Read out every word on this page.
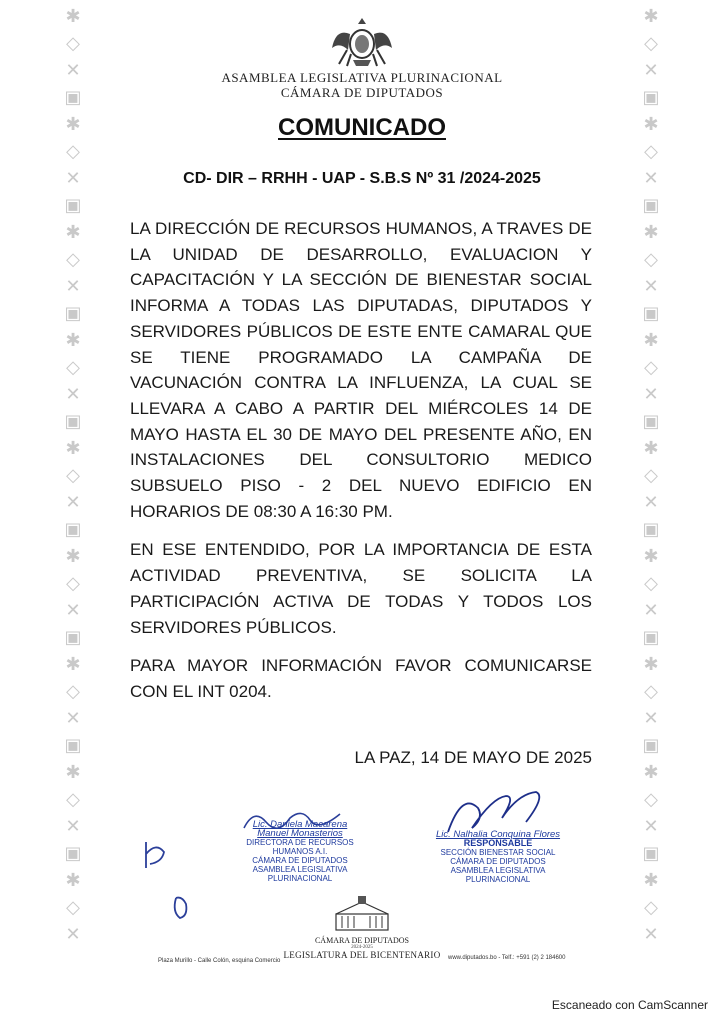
✱
◇
✕
▣
✱
◇
✕
▣
✱
◇
✕
▣
✱
◇
✕
▣
✱
◇
✕
▣
✱
◇
✕
▣
✱
◇
✕
▣
✱
◇
✕
▣
✱
◇
✕
✱
◇
✕
▣
✱
◇
✕
▣
✱
◇
✕
▣
✱
◇
✕
▣
✱
◇
✕
▣
✱
◇
✕
▣
✱
◇
✕
▣
✱
◇
✕
▣
✱
◇
✕
ASAMBLEA LEGISLATIVA PLURINACIONAL
CÁMARA DE DIPUTADOS
COMUNICADO
CD- DIR – RRHH - UAP - S.B.S Nº 31 /2024-2025

LA DIRECCIÓN DE RECURSOS HUMANOS, A TRAVES DE LA UNIDAD DE DESARROLLO, EVALUACION Y CAPACITACIÓN Y LA SECCIÓN DE BIENESTAR SOCIAL INFORMA A TODAS LAS DIPUTADAS, DIPUTADOS Y SERVIDORES PÚBLICOS DE ESTE ENTE CAMARAL QUE SE TIENE PROGRAMADO LA CAMPAÑA DE VACUNACIÓN CONTRA LA INFLUENZA, LA CUAL SE LLEVARA A CABO A PARTIR DEL MIÉRCOLES 14 DE MAYO HASTA EL 30 DE MAYO DEL PRESENTE AÑO, EN INSTALACIONES DEL CONSULTORIO MEDICO SUBSUELO PISO - 2 DEL NUEVO EDIFICIO EN HORARIOS DE 08:30 A 16:30 PM.

EN ESE ENTENDIDO, POR LA IMPORTANCIA DE ESTA ACTIVIDAD PREVENTIVA, SE SOLICITA LA PARTICIPACIÓN ACTIVA DE TODAS Y TODOS LOS SERVIDORES PÚBLICOS.

PARA MAYOR INFORMACIÓN FAVOR COMUNICARSE CON EL INT 0204.

LA PAZ, 14 DE MAYO DE 2025
Lic. Daniela Macarena Manuel Monasterios
DIRECTORA DE RECURSOS HUMANOS A.I.
CÁMARA DE DIPUTADOS
ASAMBLEA LEGISLATIVA PLURINACIONAL
Lic. Nalhalia Conquina Flores
RESPONSABLE
SECCIÓN BIENESTAR SOCIAL
CÁMARA DE DIPUTADOS
ASAMBLEA LEGISLATIVA PLURINACIONAL
CÁMARA DE DIPUTADOS
2024-2025
LEGISLATURA DEL BICENTENARIO
Plaza Murillo - Calle Colón, esquina Comercio	www.diputados.bo - Telf.: +591 (2) 2 184600
Escaneado con CamScanner
